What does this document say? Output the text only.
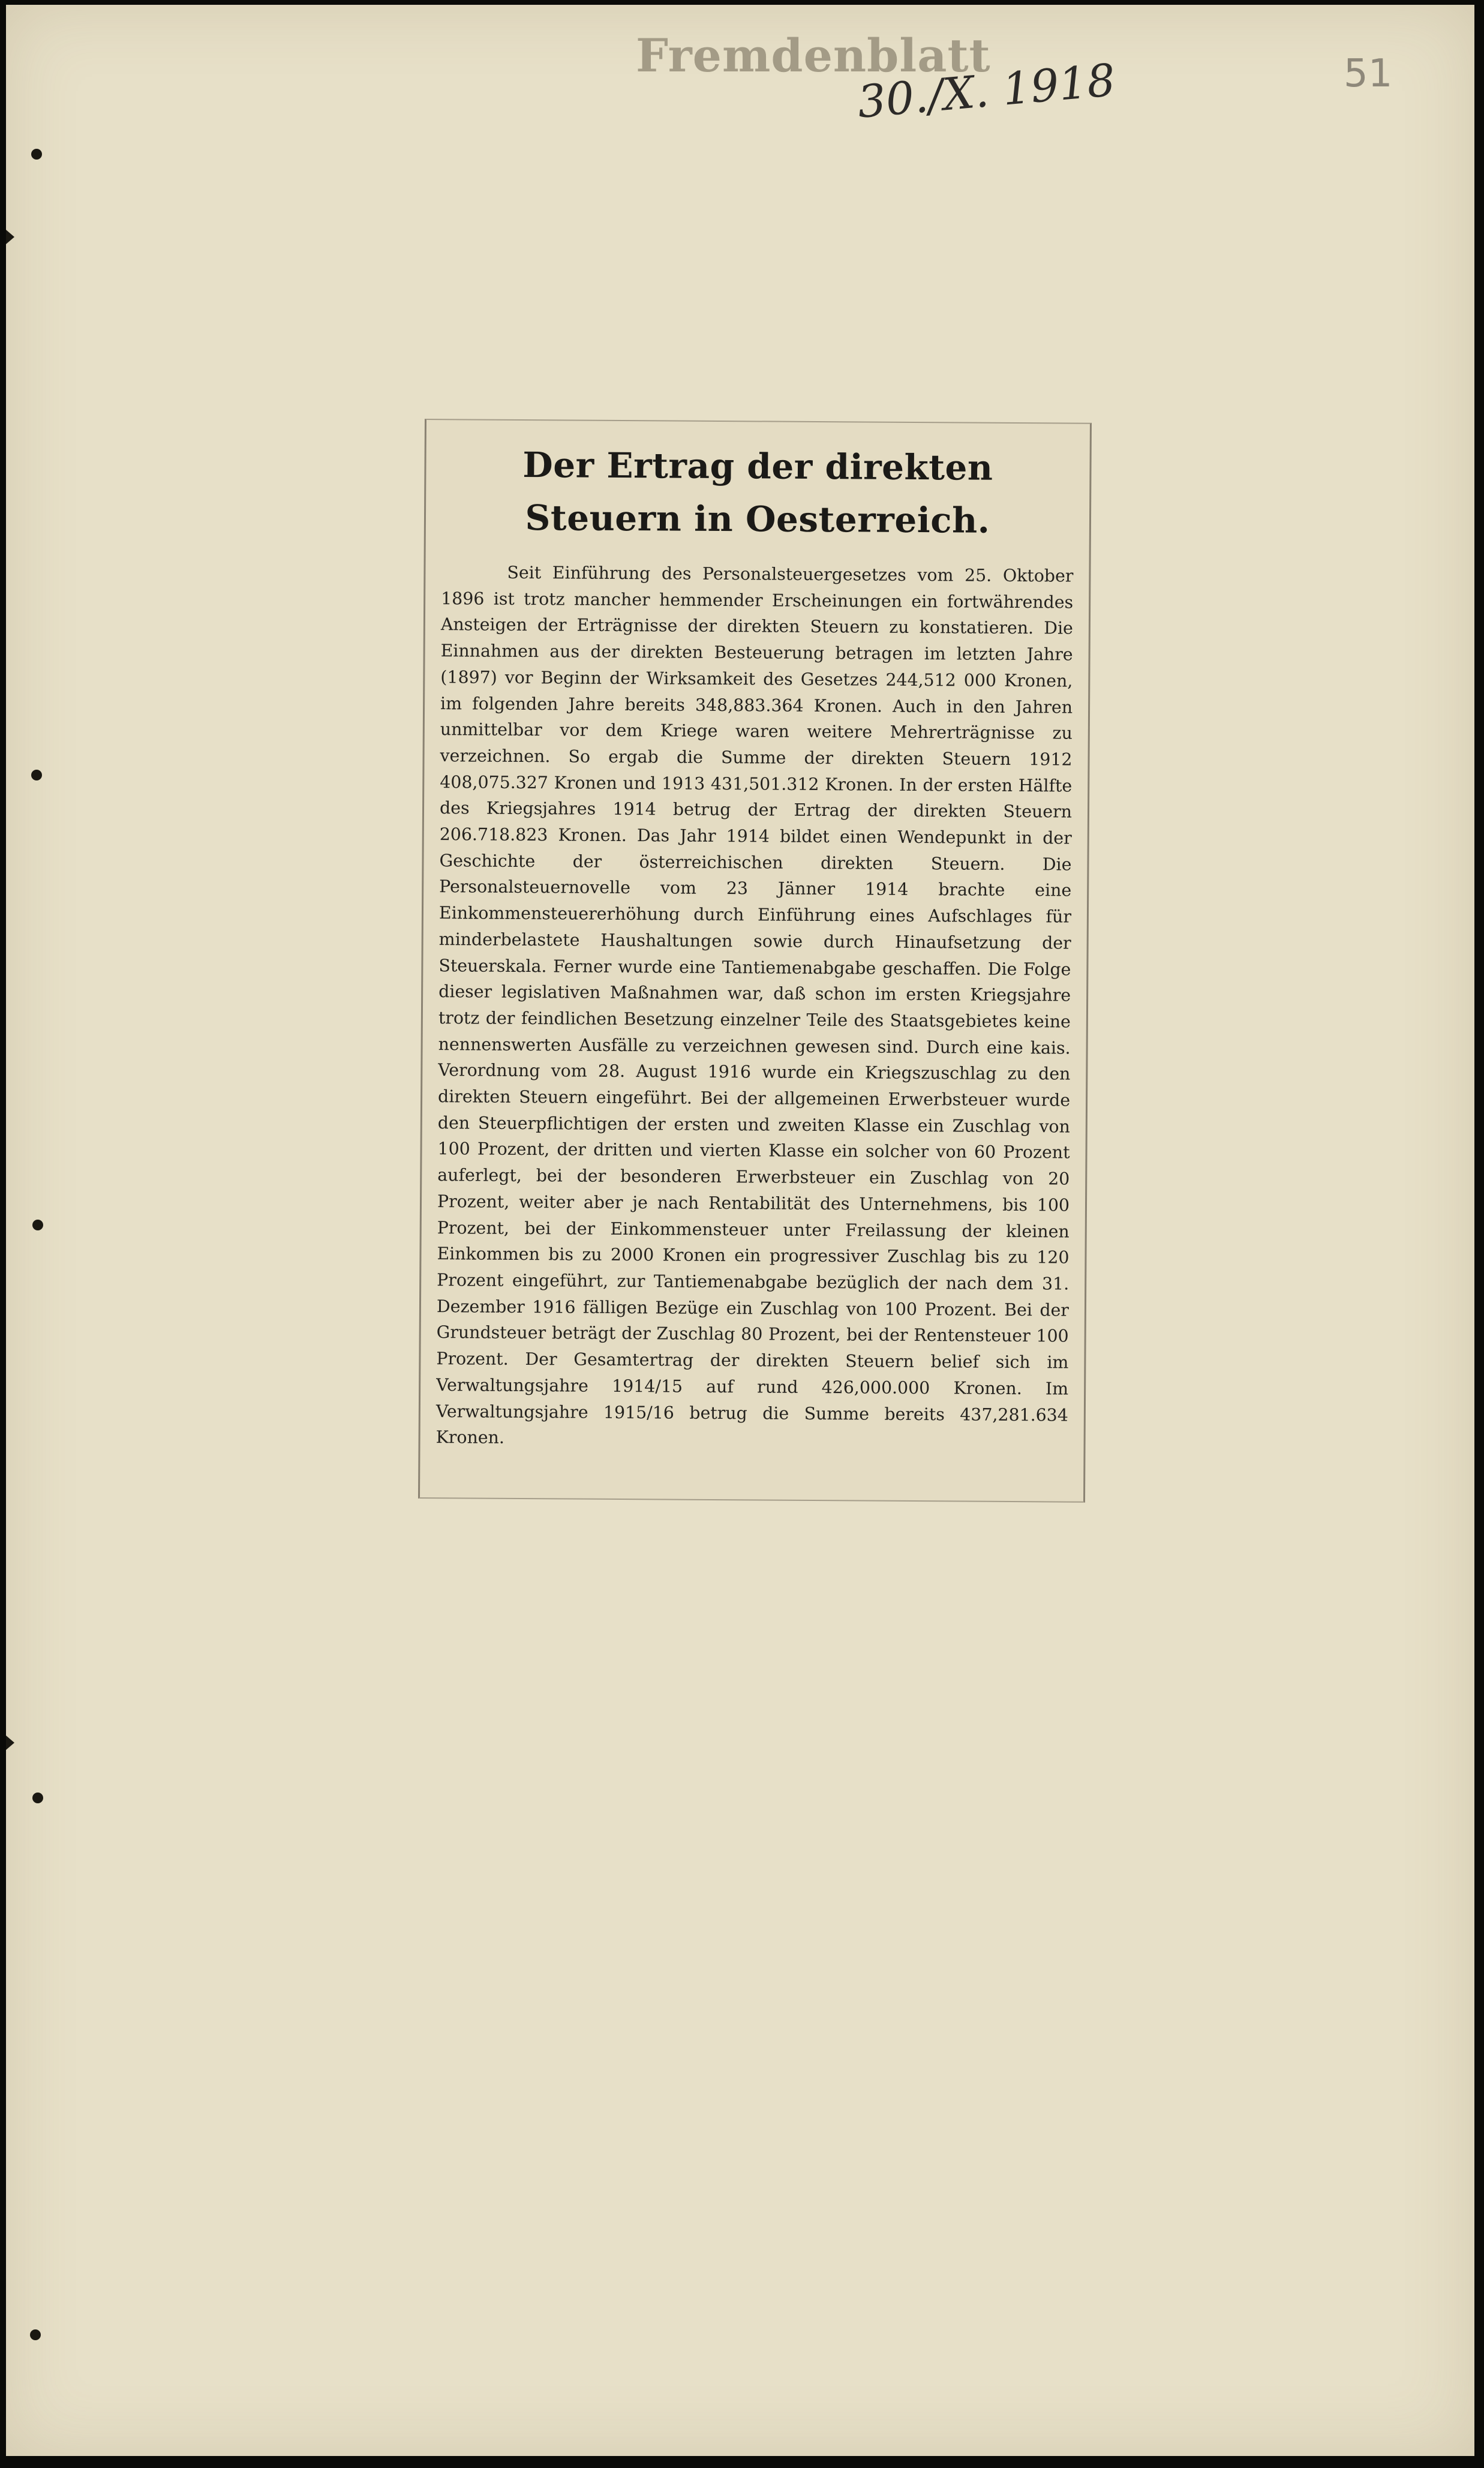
Fremdenblatt
30./X. 1918	51
Der Ertrag der direkten Steuern in Oesterreich.

Seit Einführung des Personalsteuergesetzes vom 25. Oktober 1896 ist trotz mancher hemmender Erscheinungen ein fortwährendes Ansteigen der Erträgnisse der direkten Steuern zu konstatieren. Die Einnahmen aus der direkten Besteuerung betragen im letzten Jahre (1897) vor Beginn der Wirksamkeit des Gesetzes 244,512 000 Kronen, im folgenden Jahre bereits 348,883.364 Kronen. Auch in den Jahren unmittelbar vor dem Kriege waren weitere Mehrerträgnisse zu verzeichnen. So ergab die Summe der direkten Steuern 1912 408,075.327 Kronen und 1913 431,501.312 Kronen. In der ersten Hälfte des Kriegsjahres 1914 betrug der Ertrag der direkten Steuern 206.718.823 Kronen. Das Jahr 1914 bildet einen Wendepunkt in der Geschichte der österreichischen direkten Steuern. Die Personalsteuernovelle vom 23 Jänner 1914 brachte eine Einkommensteuererhöhung durch Einführung eines Aufschlages für minderbelastete Haushaltungen sowie durch Hinaufsetzung der Steuerskala. Ferner wurde eine Tantiemenabgabe geschaffen. Die Folge dieser legislativen Maßnahmen war, daß schon im ersten Kriegsjahre trotz der feindlichen Besetzung einzelner Teile des Staatsgebietes keine nennenswerten Ausfälle zu verzeichnen gewesen sind. Durch eine kais. Verordnung vom 28. August 1916 wurde ein Kriegszuschlag zu den direkten Steuern eingeführt. Bei der allgemeinen Erwerbsteuer wurde den Steuerpflichtigen der ersten und zweiten Klasse ein Zuschlag von 100 Prozent, der dritten und vierten Klasse ein solcher von 60 Prozent auferlegt, bei der besonderen Erwerbsteuer ein Zuschlag von 20 Prozent, weiter aber je nach Rentabilität des Unternehmens, bis 100 Prozent, bei der Einkommensteuer unter Freilassung der kleinen Einkommen bis zu 2000 Kronen ein progressiver Zuschlag bis zu 120 Prozent eingeführt, zur Tantiemenabgabe bezüglich der nach dem 31. Dezember 1916 fälligen Bezüge ein Zuschlag von 100 Prozent. Bei der Grundsteuer beträgt der Zuschlag 80 Prozent, bei der Rentensteuer 100 Prozent. Der Gesamtertrag der direkten Steuern belief sich im Verwaltungsjahre 1914/15 auf rund 426,000.000 Kronen. Im Verwaltungsjahre 1915/16 betrug die Summe bereits 437,281.634 Kronen.
